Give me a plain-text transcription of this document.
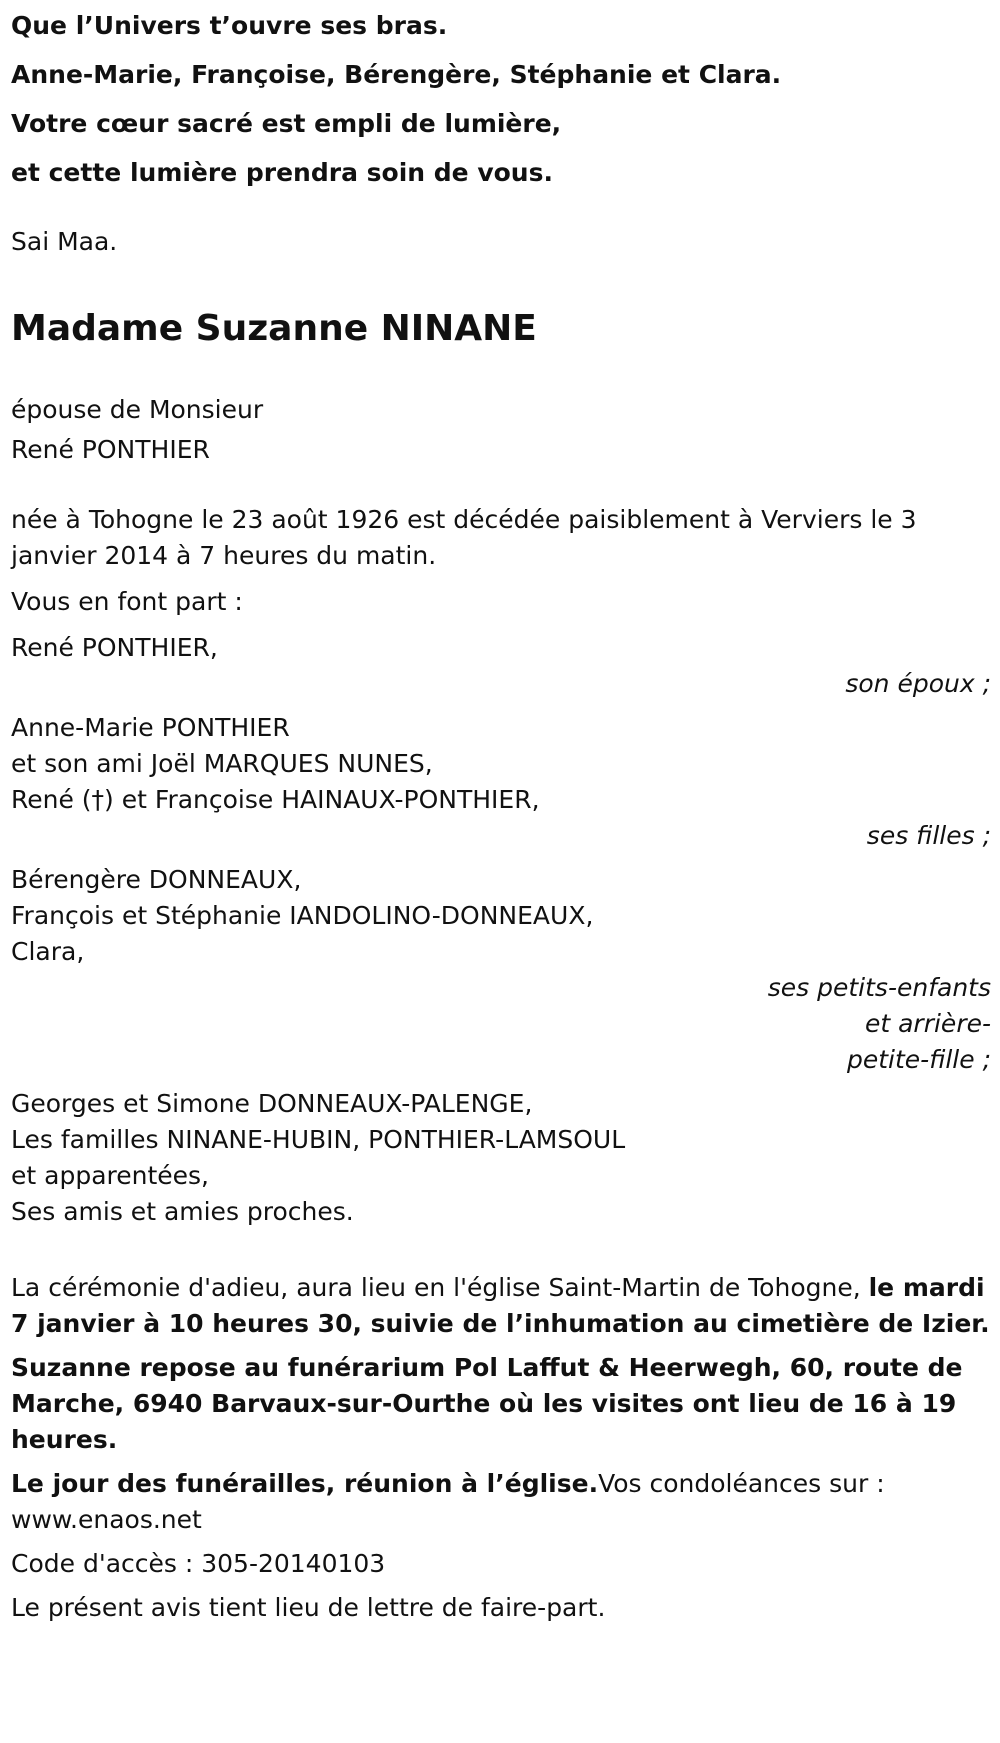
Que l’Univers t’ouvre ses bras.
Anne-Marie, Françoise, Bérengère, Stéphanie et Clara.
Votre cœur sacré est empli de lumière,
et cette lumière prendra soin de vous.
Sai Maa.
Madame Suzanne NINANE
épouse de Monsieur
René PONTHIER
née à Tohogne le 23 août 1926 est décédée paisiblement à Verviers le 3 janvier 2014 à 7 heures du matin.
Vous en font part :
René PONTHIER,
son époux ;
Anne-Marie PONTHIER
et son ami Joël MARQUES NUNES,
René (†) et Françoise HAINAUX-PONTHIER,
ses filles ;
Bérengère DONNEAUX,
François et Stéphanie IANDOLINO-DONNEAUX,
Clara,
ses petits-enfants
et arrière-
petite-fille ;
Georges et Simone DONNEAUX-PALENGE,
Les familles NINANE-HUBIN, PONTHIER-LAMSOUL
et apparentées,
Ses amis et amies proches.
La cérémonie d'adieu, aura lieu en l'église Saint-Martin de Tohogne, le mardi 7 janvier à 10 heures 30, suivie de l’inhumation au cimetière de Izier.
Suzanne repose au funérarium Pol Laffut & Heerwegh, 60, route de Marche, 6940 Barvaux-sur-Ourthe où les visites ont lieu de 16 à 19 heures.
Le jour des funérailles, réunion à l’église.Vos condoléances sur : www.enaos.net
Code d'accès : 305-20140103
Le présent avis tient lieu de lettre de faire-part.
